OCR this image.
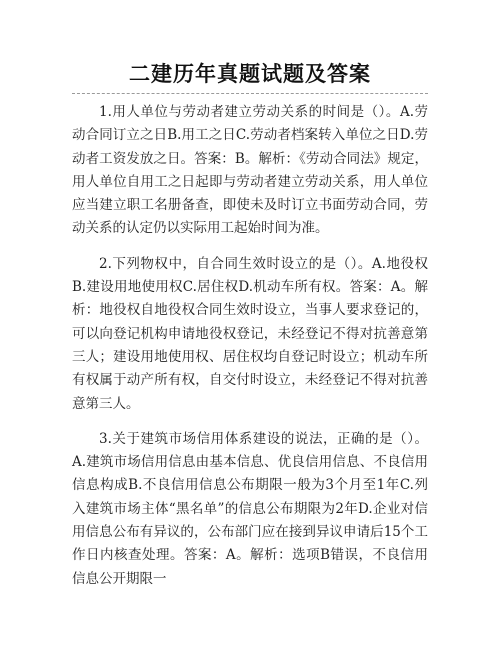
二建历年真题试题及答案

1.用人单位与劳动者建立劳动关系的时间是（）。A.劳动合同订立之日B.用工之日C.劳动者档案转入单位之日D.劳动者工资发放之日。答案：B。解析：《劳动合同法》规定，用人单位自用工之日起即与劳动者建立劳动关系，用人单位应当建立职工名册备查，即使未及时订立书面劳动合同，劳动关系的认定仍以实际用工起始时间为准。

2.下列物权中，自合同生效时设立的是（）。A.地役权B.建设用地使用权C.居住权D.机动车所有权。答案：A。解析：地役权自地役权合同生效时设立，当事人要求登记的，可以向登记机构申请地役权登记，未经登记不得对抗善意第三人；建设用地使用权、居住权均自登记时设立；机动车所有权属于动产所有权，自交付时设立，未经登记不得对抗善意第三人。

3.关于建筑市场信用体系建设的说法，正确的是（）。A.建筑市场信用信息由基本信息、优良信用信息、不良信用信息构成B.不良信用信息公布期限一般为3个月至1年C.列入建筑市场主体“黑名单”的信息公布期限为2年D.企业对信用信息公布有异议的，公布部门应在接到异议申请后15个工作日内核查处理。答案：A。解析：选项B错误，不良信用信息公开期限一
